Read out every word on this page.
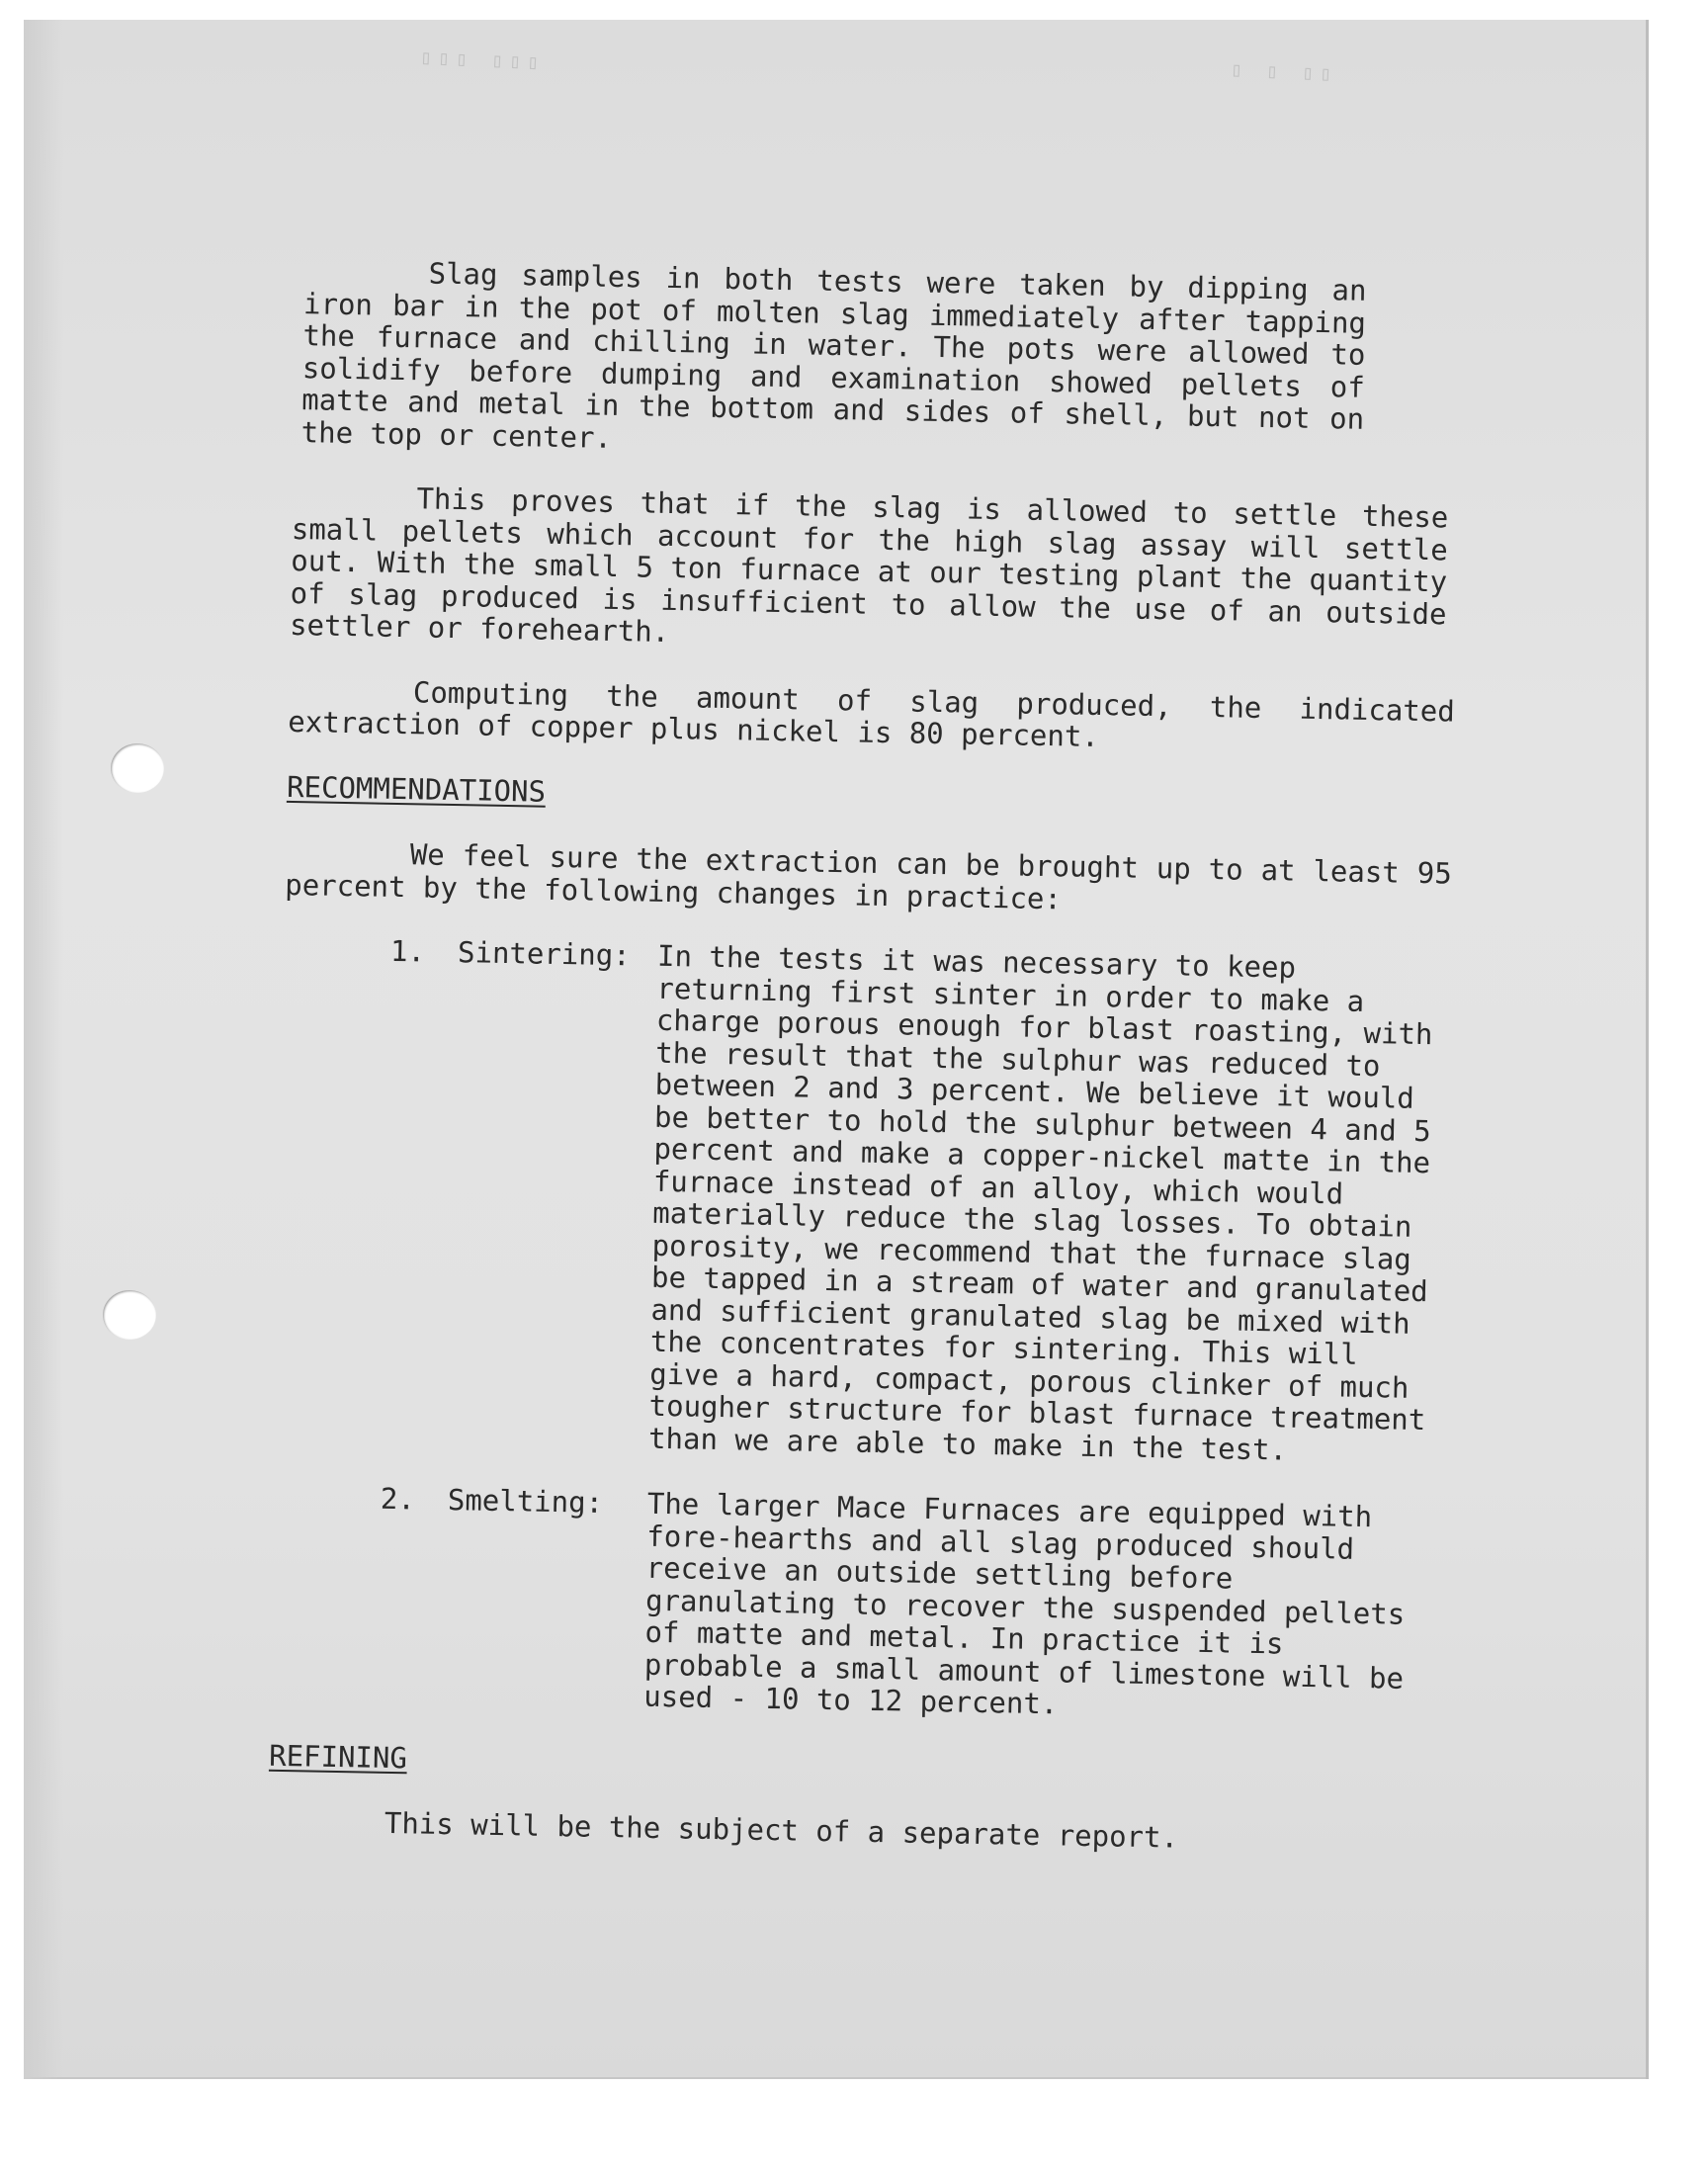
▯▯▯ ▯▯▯	▯ ▯ ▯▯

Slag samples in both tests were taken by dipping an iron bar in the pot of molten slag immediately after tapping the furnace and chilling in water. The pots were allowed to solidify before dumping and examination showed pellets of matte and metal in the bottom and sides of shell, but not on the top or center.

This proves that if the slag is allowed to settle these small pellets which account for the high slag assay will settle out. With the small 5 ton furnace at our testing plant the quantity of slag produced is insufficient to allow the use of an outside settler or forehearth.

Computing the amount of slag produced, the indicated extraction of copper plus nickel is 80 percent.

RECOMMENDATIONS

We feel sure the extraction can be brought up to at least 95 percent by the following changes in practice:

1.	Sintering: In the tests it was necessary to keep returning first sinter in order to make a charge porous enough for blast roasting, with the result that the sulphur was reduced to between 2 and 3 percent. We believe it would be better to hold the sulphur between 4 and 5 percent and make a copper-nickel matte in the furnace instead of an alloy, which would materially reduce the slag losses. To obtain porosity, we recommend that the furnace slag be tapped in a stream of water and granulated and sufficient granulated slag be mixed with the concentrates for sintering. This will give a hard, compact, porous clinker of much tougher structure for blast furnace treatment than we are able to make in the test.
2.	Smelting:	The larger Mace Furnaces are equipped with fore-hearths and all slag produced should receive an outside settling before granulating to recover the suspended pellets of matte and metal. In practice it is probable a small amount of limestone will be used - 10 to 12 percent.
REFINING

This will be the subject of a separate report.
